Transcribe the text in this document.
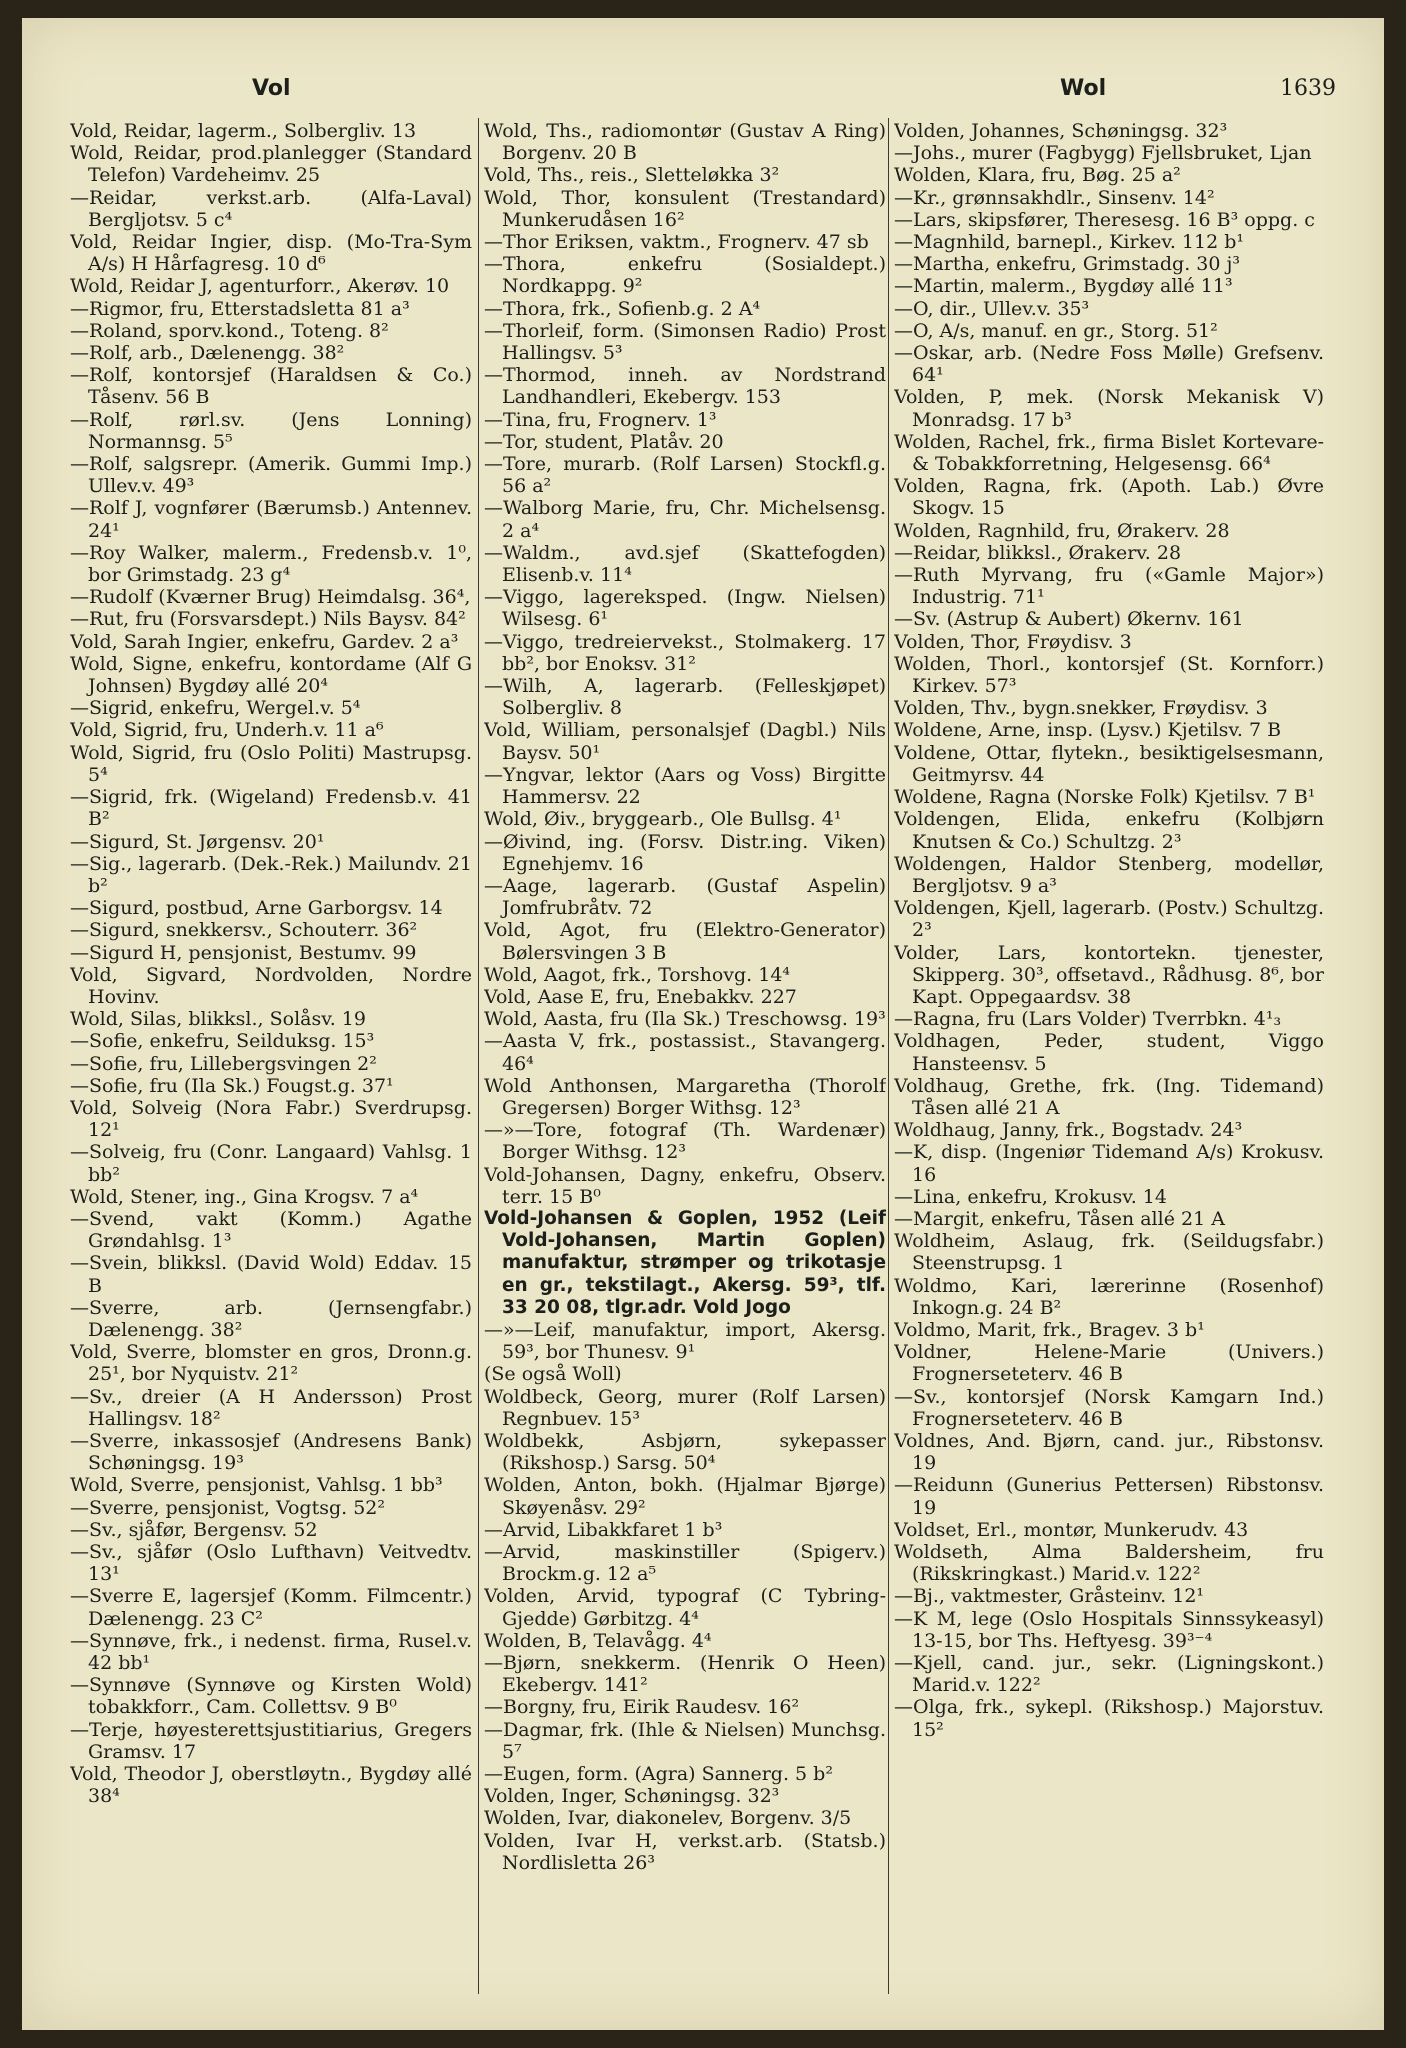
Vol	Wol	1639
Vold, Reidar, lagerm., Solbergliv. 13
Wold, Reidar, prod.planlegger (Standard Telefon) Vardeheimv. 25
—Reidar, verkst.arb. (Alfa-Laval) Bergljotsv. 5 c⁴
Vold, Reidar Ingier, disp. (Mo-Tra-Sym A/s) H Hårfagresg. 10 d⁶
Wold, Reidar J, agenturforr., Akerøv. 10
—Rigmor, fru, Etterstadsletta 81 a³
—Roland, sporv.kond., Toteng. 8²
—Rolf, arb., Dælenengg. 38²
—Rolf, kontorsjef (Haraldsen & Co.) Tåsenv. 56 B
—Rolf, rørl.sv. (Jens Lonning) Normannsg. 5⁵
—Rolf, salgsrepr. (Amerik. Gummi Imp.) Ullev.v. 49³
—Rolf J, vognfører (Bærumsb.) Antennev. 24¹
—Roy Walker, malerm., Fredensb.v. 1⁰, bor Grimstadg. 23 g⁴
—Rudolf (Kværner Brug) Heimdalsg. 36⁴,
—Rut, fru (Forsvarsdept.) Nils Baysv. 84²
Vold, Sarah Ingier, enkefru, Gardev. 2 a³
Wold, Signe, enkefru, kontordame (Alf G Johnsen) Bygdøy allé 20⁴
—Sigrid, enkefru, Wergel.v. 5⁴
Vold, Sigrid, fru, Underh.v. 11 a⁶
Wold, Sigrid, fru (Oslo Politi) Mastrupsg. 5⁴
—Sigrid, frk. (Wigeland) Fredensb.v. 41 B²
—Sigurd, St. Jørgensv. 20¹
—Sig., lagerarb. (Dek.-Rek.) Mailundv. 21 b²
—Sigurd, postbud, Arne Garborgsv. 14
—Sigurd, snekkersv., Schouterr. 36²
—Sigurd H, pensjonist, Bestumv. 99
Vold, Sigvard, Nordvolden, Nordre Hovinv.
Wold, Silas, blikksl., Solåsv. 19
—Sofie, enkefru, Seilduksg. 15³
—Sofie, fru, Lillebergsvingen 2²
—Sofie, fru (Ila Sk.) Fougst.g. 37¹
Vold, Solveig (Nora Fabr.) Sverdrupsg. 12¹
—Solveig, fru (Conr. Langaard) Vahlsg. 1 bb²
Wold, Stener, ing., Gina Krogsv. 7 a⁴
—Svend, vakt (Komm.) Agathe Grøndahlsg. 1³
—Svein, blikksl. (David Wold) Eddav. 15 B
—Sverre, arb. (Jernsengfabr.) Dælenengg. 38²
Vold, Sverre, blomster en gros, Dronn.g. 25¹, bor Nyquistv. 21²
—Sv., dreier (A H Andersson) Prost Hallingsv. 18²
—Sverre, inkassosjef (Andresens Bank) Schøningsg. 19³
Wold, Sverre, pensjonist, Vahlsg. 1 bb³
—Sverre, pensjonist, Vogtsg. 52²
—Sv., sjåfør, Bergensv. 52
—Sv., sjåfør (Oslo Lufthavn) Veitvedtv. 13¹
—Sverre E, lagersjef (Komm. Filmcentr.) Dælenengg. 23 C²
—Synnøve, frk., i nedenst. firma, Rusel.v. 42 bb¹
—Synnøve (Synnøve og Kirsten Wold) tobakkforr., Cam. Collettsv. 9 B⁰
—Terje, høyesterettsjustitiarius, Gregers Gramsv. 17
Vold, Theodor J, oberstløytn., Bygdøy allé 38⁴
Wold, Ths., radiomontør (Gustav A Ring) Borgenv. 20 B
Vold, Ths., reis., Sletteløkka 3²
Wold, Thor, konsulent (Trestandard) Munkerudåsen 16²
—Thor Eriksen, vaktm., Frognerv. 47 sb
—Thora, enkefru (Sosialdept.) Nordkappg. 9²
—Thora, frk., Sofienb.g. 2 A⁴
—Thorleif, form. (Simonsen Radio) Prost Hallingsv. 5³
—Thormod, inneh. av Nordstrand Landhandleri, Ekebergv. 153
—Tina, fru, Frognerv. 1³
—Tor, student, Platåv. 20
—Tore, murarb. (Rolf Larsen) Stockfl.g. 56 a²
—Walborg Marie, fru, Chr. Michelsensg. 2 a⁴
—Waldm., avd.sjef (Skattefogden) Elisenb.v. 11⁴
—Viggo, lagereksped. (Ingw. Nielsen) Wilsesg. 6¹
—Viggo, tredreiervekst., Stolmakerg. 17 bb², bor Enoksv. 31²
—Wilh, A, lagerarb. (Felleskjøpet) Solbergliv. 8
Vold, William, personalsjef (Dagbl.) Nils Baysv. 50¹
—Yngvar, lektor (Aars og Voss) Birgitte Hammersv. 22
Wold, Øiv., bryggearb., Ole Bullsg. 4¹
—Øivind, ing. (Forsv. Distr.ing. Viken) Egnehjemv. 16
—Aage, lagerarb. (Gustaf Aspelin) Jomfrubråtv. 72
Vold, Agot, fru (Elektro-Generator) Bølersvingen 3 B
Wold, Aagot, frk., Torshovg. 14⁴
Vold, Aase E, fru, Enebakkv. 227
Wold, Aasta, fru (Ila Sk.) Treschowsg. 19³
—Aasta V, frk., postassist., Stavangerg. 46⁴
Wold Anthonsen, Margaretha (Thorolf Gregersen) Borger Withsg. 12³
—»—Tore, fotograf (Th. Wardenær) Borger Withsg. 12³
Vold-Johansen, Dagny, enkefru, Observ. terr. 15 B⁰
Vold-Johansen & Goplen, 1952 (Leif Vold-Johansen, Martin Goplen) manufaktur, strømper og trikotasje en gr., tekstilagt., Akersg. 59³, tlf. 33 20 08, tlgr.adr. Vold Jogo
—»—Leif, manufaktur, import, Akersg. 59³, bor Thunesv. 9¹
(Se også Woll)
Woldbeck, Georg, murer (Rolf Larsen) Regnbuev. 15³
Woldbekk, Asbjørn, sykepasser (Rikshosp.) Sarsg. 50⁴
Wolden, Anton, bokh. (Hjalmar Bjørge) Skøyenåsv. 29²
—Arvid, Libakkfaret 1 b³
—Arvid, maskinstiller (Spigerv.) Brockm.g. 12 a⁵
Volden, Arvid, typograf (C Tybring-Gjedde) Gørbitzg. 4⁴
Wolden, B, Telavågg. 4⁴
—Bjørn, snekkerm. (Henrik O Heen) Ekebergv. 141²
—Borgny, fru, Eirik Raudesv. 16²
—Dagmar, frk. (Ihle & Nielsen) Munchsg. 5⁷
—Eugen, form. (Agra) Sannerg. 5 b²
Volden, Inger, Schøningsg. 32³
Wolden, Ivar, diakonelev, Borgenv. 3/5
Volden, Ivar H, verkst.arb. (Statsb.) Nordlisletta 26³
Volden, Johannes, Schøningsg. 32³
—Johs., murer (Fagbygg) Fjellsbruket, Ljan
Wolden, Klara, fru, Bøg. 25 a²
—Kr., grønnsakhdlr., Sinsenv. 14²
—Lars, skipsfører, Theresesg. 16 B³ oppg. c
—Magnhild, barnepl., Kirkev. 112 b¹
—Martha, enkefru, Grimstadg. 30 j³
—Martin, malerm., Bygdøy allé 11³
—O, dir., Ullev.v. 35³
—O, A/s, manuf. en gr., Storg. 51²
—Oskar, arb. (Nedre Foss Mølle) Grefsenv. 64¹
Volden, P, mek. (Norsk Mekanisk V) Monradsg. 17 b³
Wolden, Rachel, frk., firma Bislet Kortevare- & Tobakkforretning, Helgesensg. 66⁴
Volden, Ragna, frk. (Apoth. Lab.) Øvre Skogv. 15
Wolden, Ragnhild, fru, Ørakerv. 28
—Reidar, blikksl., Ørakerv. 28
—Ruth Myrvang, fru («Gamle Major») Industrig. 71¹
—Sv. (Astrup & Aubert) Økernv. 161
Volden, Thor, Frøydisv. 3
Wolden, Thorl., kontorsjef (St. Kornforr.) Kirkev. 57³
Volden, Thv., bygn.snekker, Frøydisv. 3
Woldene, Arne, insp. (Lysv.) Kjetilsv. 7 B
Voldene, Ottar, flytekn., besiktigelsesmann, Geitmyrsv. 44
Woldene, Ragna (Norske Folk) Kjetilsv. 7 B¹
Voldengen, Elida, enkefru (Kolbjørn Knutsen & Co.) Schultzg. 2³
Woldengen, Haldor Stenberg, modellør, Bergljotsv. 9 a³
Voldengen, Kjell, lagerarb. (Postv.) Schultzg. 2³
Volder, Lars, kontortekn. tjenester, Skipperg. 30³, offsetavd., Rådhusg. 8⁶, bor Kapt. Oppegaardsv. 38
—Ragna, fru (Lars Volder) Tverrbkn. 4¹₃
Voldhagen, Peder, student, Viggo Hansteensv. 5
Voldhaug, Grethe, frk. (Ing. Tidemand) Tåsen allé 21 A
Woldhaug, Janny, frk., Bogstadv. 24³
—K, disp. (Ingeniør Tidemand A/s) Krokusv. 16
—Lina, enkefru, Krokusv. 14
—Margit, enkefru, Tåsen allé 21 A
Woldheim, Aslaug, frk. (Seildugsfabr.) Steenstrupsg. 1
Woldmo, Kari, lærerinne (Rosenhof) Inkogn.g. 24 B²
Voldmo, Marit, frk., Bragev. 3 b¹
Voldner, Helene-Marie (Univers.) Frognerseteterv. 46 B
—Sv., kontorsjef (Norsk Kamgarn Ind.) Frognerseteterv. 46 B
Voldnes, And. Bjørn, cand. jur., Ribstonsv. 19
—Reidunn (Gunerius Pettersen) Ribstonsv. 19
Voldset, Erl., montør, Munkerudv. 43
Woldseth, Alma Baldersheim, fru (Rikskringkast.) Marid.v. 122²
—Bj., vaktmester, Gråsteinv. 12¹
—K M, lege (Oslo Hospitals Sinnssykeasyl) 13-15, bor Ths. Heftyesg. 39³⁻⁴
—Kjell, cand. jur., sekr. (Ligningskont.) Marid.v. 122²
—Olga, frk., sykepl. (Rikshosp.) Majorstuv. 15²
